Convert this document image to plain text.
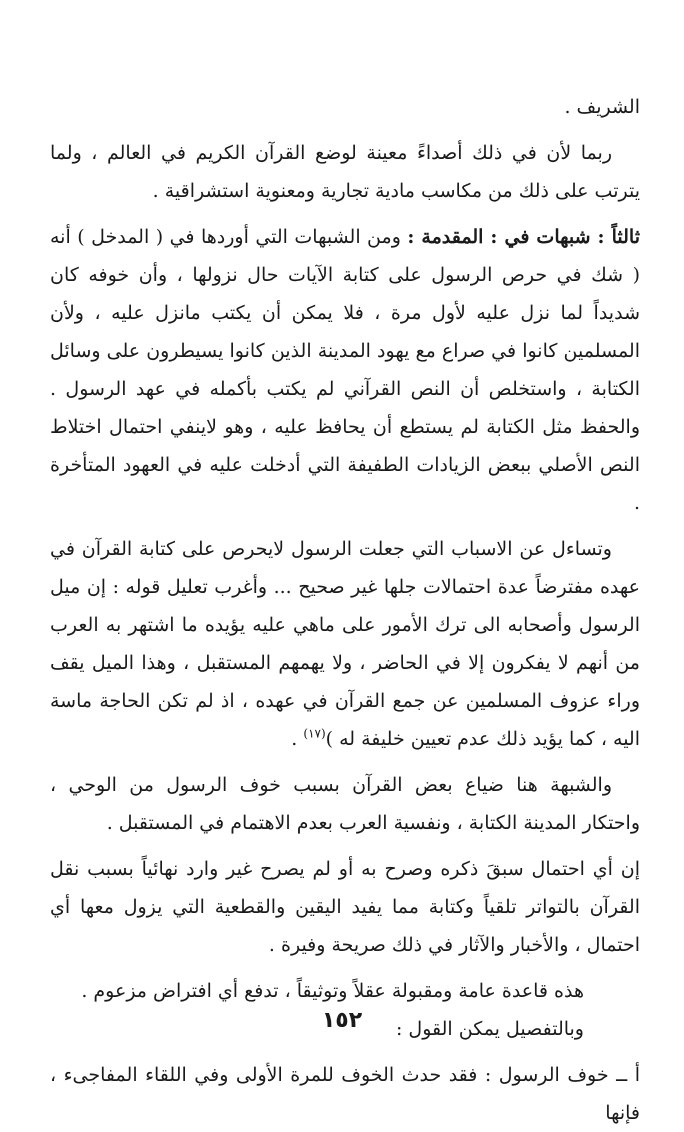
الشريف .

ربما لأن في ذلك أصداءً معينة لوضع القرآن الكريم في العالم ، ولما يترتب على ذلك من مكاسب مادية تجارية ومعنوية استشراقية .

ثالثاً : شبهات في : المقدمة : ومن الشبهات التي أوردها في ( المدخل ) أنه ( شك في حرص الرسول على كتابة الآيات حال نزولها ، وأن خوفه كان شديداً لما نزل عليه لأول مرة ، فلا يمكن أن يكتب مانزل عليه ، ولأن المسلمين كانوا في صراع مع يهود المدينة الذين كانوا يسيطرون على وسائل الكتابة ، واستخلص أن النص القرآني لم يكتب بأكمله في عهد الرسول . والحفظ مثل الكتابة لم يستطع أن يحافظ عليه ، وهو لاينفي احتمال اختلاط النص الأصلي ببعض الزيادات الطفيفة التي أدخلت عليه في العهود المتأخرة .

وتساءل عن الاسباب التي جعلت الرسول لايحرص على كتابة القرآن في عهده مفترضاً عدة احتمالات جلها غير صحيح ... وأغرب تعليل قوله : إن ميل الرسول وأصحابه الى ترك الأمور على ماهي عليه يؤيده ما اشتهر به العرب من أنهم لا يفكرون إلا في الحاضر ، ولا يهمهم المستقبل ، وهذا الميل يقف وراء عزوف المسلمين عن جمع القرآن في عهده ، اذ لم تكن الحاجة ماسة اليه ، كما يؤيد ذلك عدم تعيين خليفة له )$^{(١٧)}$ .

والشبهة هنا ضياع بعض القرآن بسبب خوف الرسول من الوحي ، واحتكار المدينة الكتابة ، ونفسية العرب بعدم الاهتمام في المستقبل .

إن أي احتمال سبقَ ذكره وصرح به أو لم يصرح غير وارد نهائياً بسبب نقل القرآن بالتواتر تلقياً وكتابة مما يفيد اليقين والقطعية التي يزول معها أي احتمال ، والأخبار والآثار في ذلك صريحة وفيرة .

هذه قاعدة عامة ومقبولة عقلاً وتوثيقاً ، تدفع أي افتراض مزعوم .

وبالتفصيل يمكن القول :

أ ــ خوف الرسول : فقد حدث الخوف للمرة الأولى وفي اللقاء المفاجىء ، فإنها

١٥٢
